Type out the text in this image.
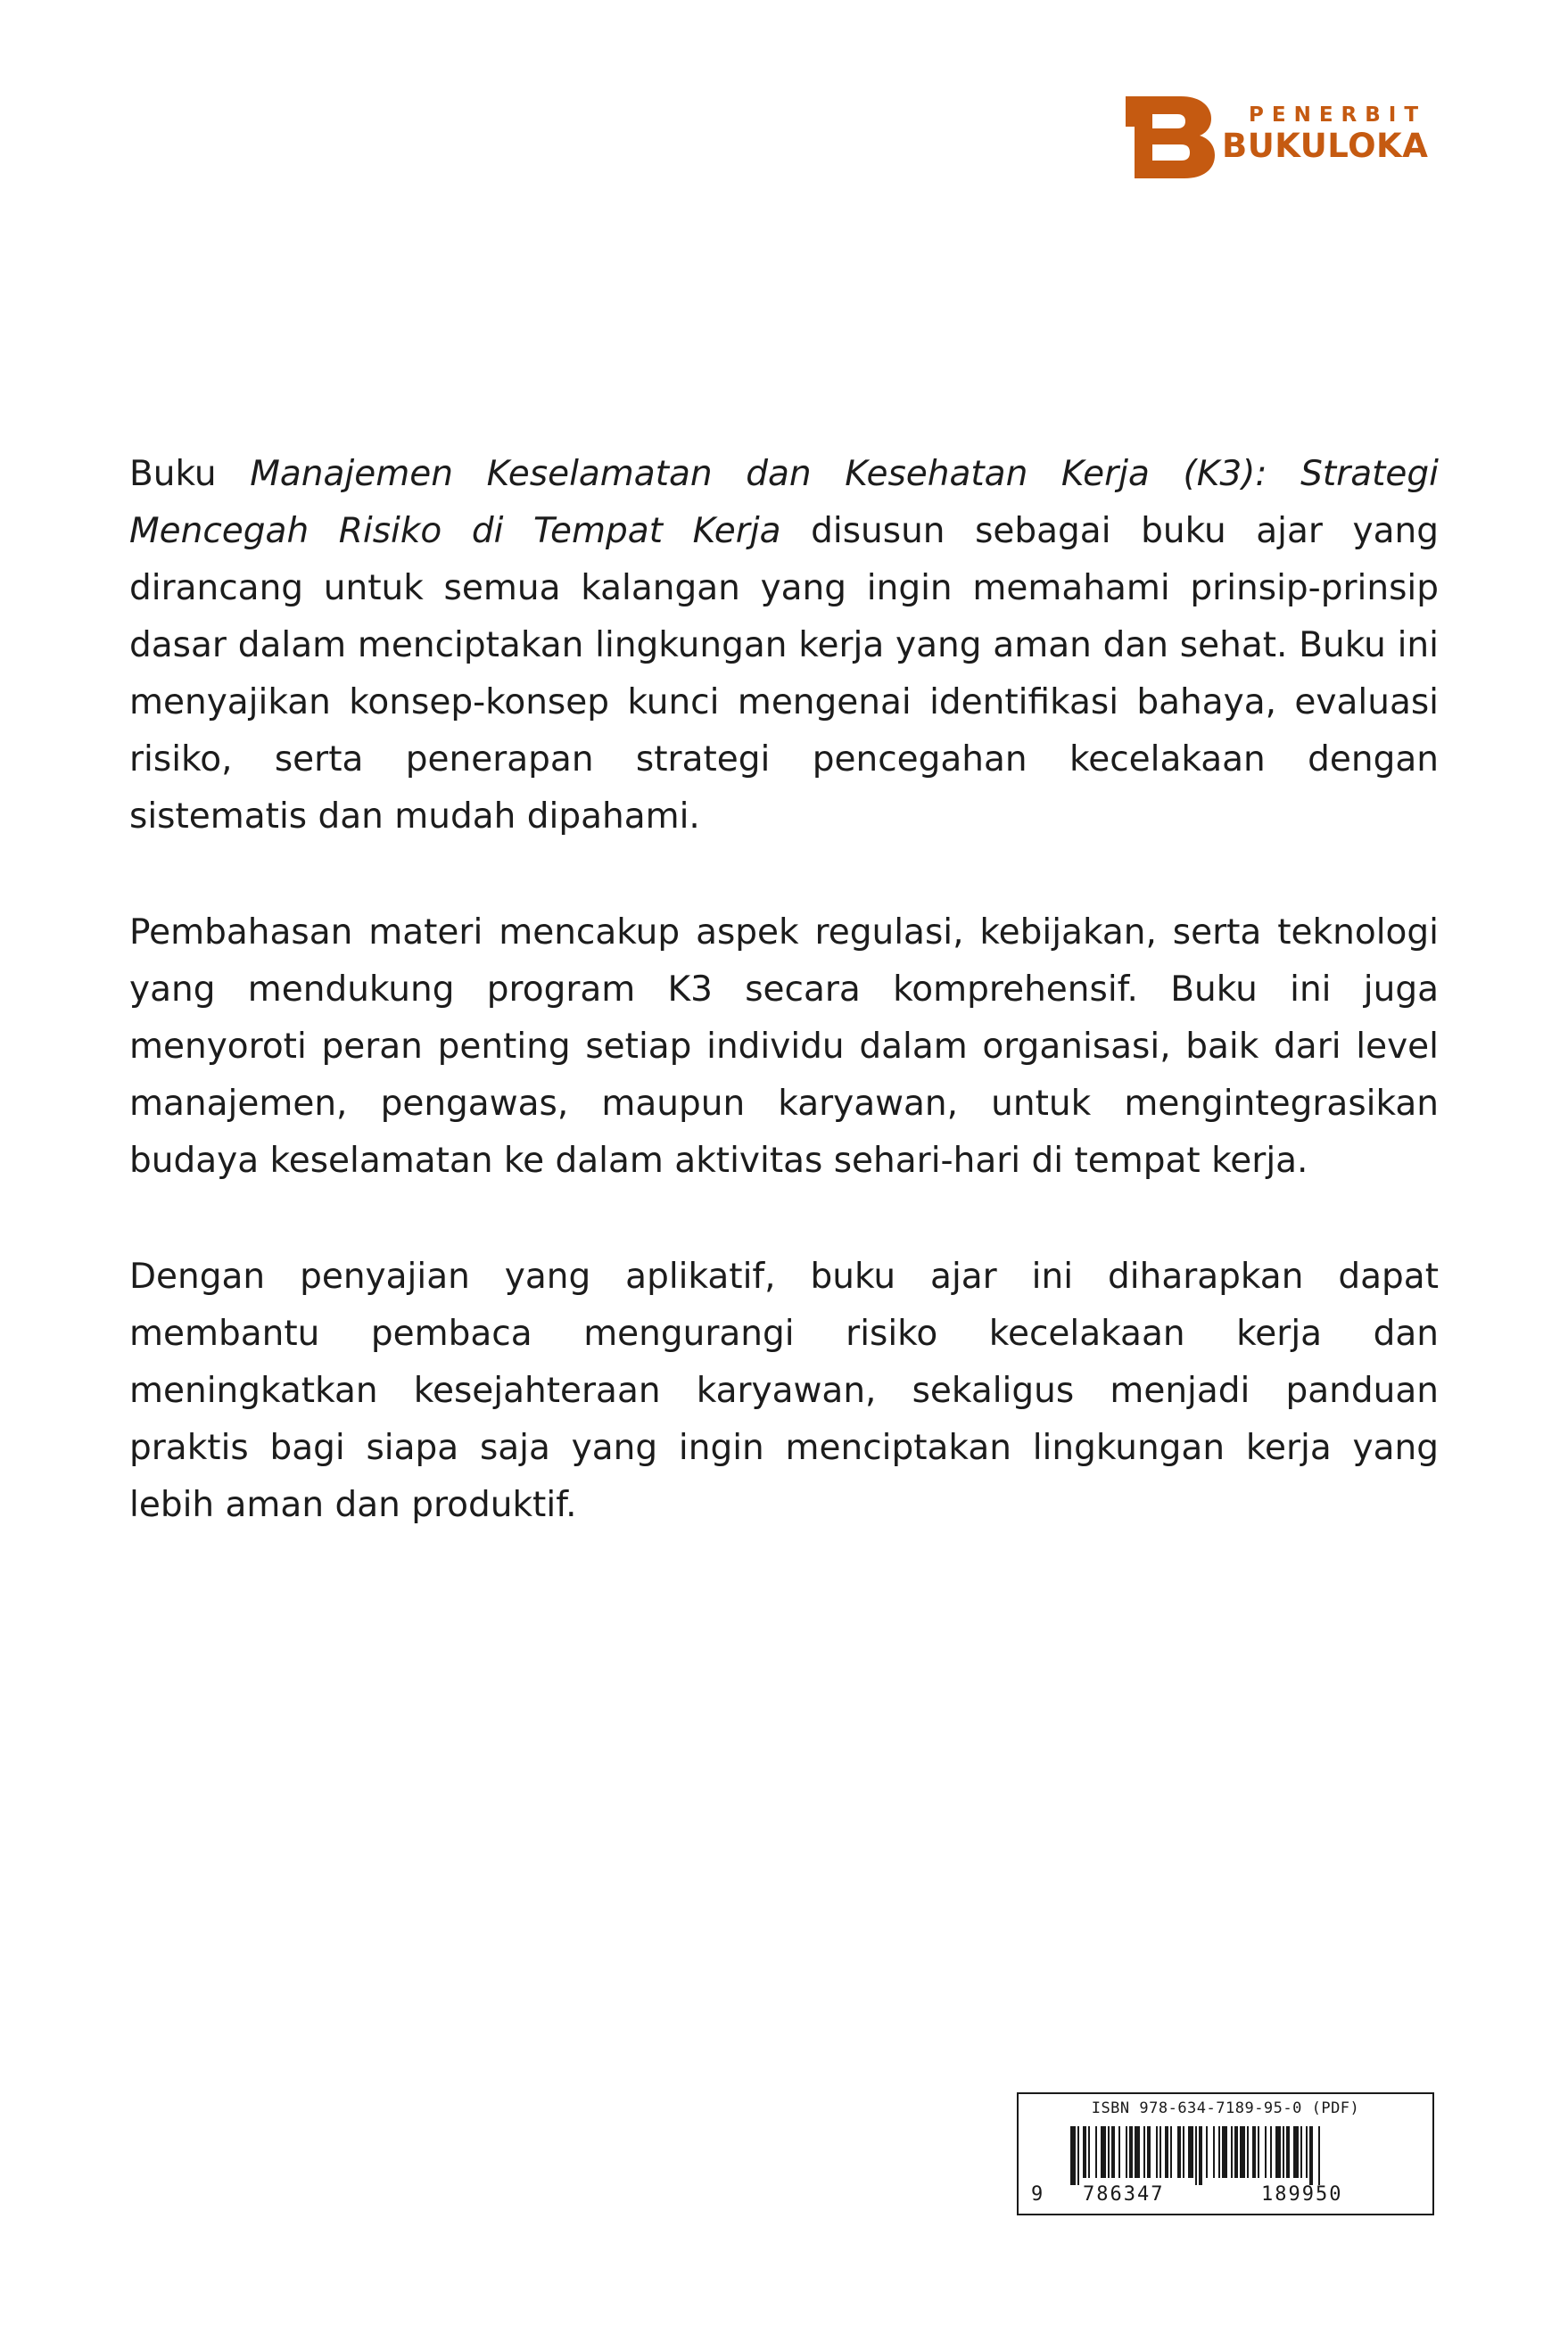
PENERBIT
BUKULOKA

Buku Manajemen Keselamatan dan Kesehatan Kerja (K3): Strategi Mencegah Risiko di Tempat Kerja disusun sebagai buku ajar yang dirancang untuk semua kalangan yang ingin memahami prinsip-prinsip dasar dalam menciptakan lingkungan kerja yang aman dan sehat. Buku ini menyajikan konsep-konsep kunci mengenai identifikasi bahaya, evaluasi risiko, serta penerapan strategi pencegahan kecelakaan dengan sistematis dan mudah dipahami.

Pembahasan materi mencakup aspek regulasi, kebijakan, serta teknologi yang mendukung program K3 secara komprehensif. Buku ini juga menyoroti peran penting setiap individu dalam organisasi, baik dari level manajemen, pengawas, maupun karyawan, untuk mengintegrasikan budaya keselamatan ke dalam aktivitas sehari-hari di tempat kerja.

Dengan penyajian yang aplikatif, buku ajar ini diharapkan dapat membantu pembaca mengurangi risiko kecelakaan kerja dan meningkatkan kesejahteraan karyawan, sekaligus menjadi panduan praktis bagi siapa saja yang ingin menciptakan lingkungan kerja yang lebih aman dan produktif.

ISBN 978-634-7189-95-0 (PDF)
9 786347	189950
